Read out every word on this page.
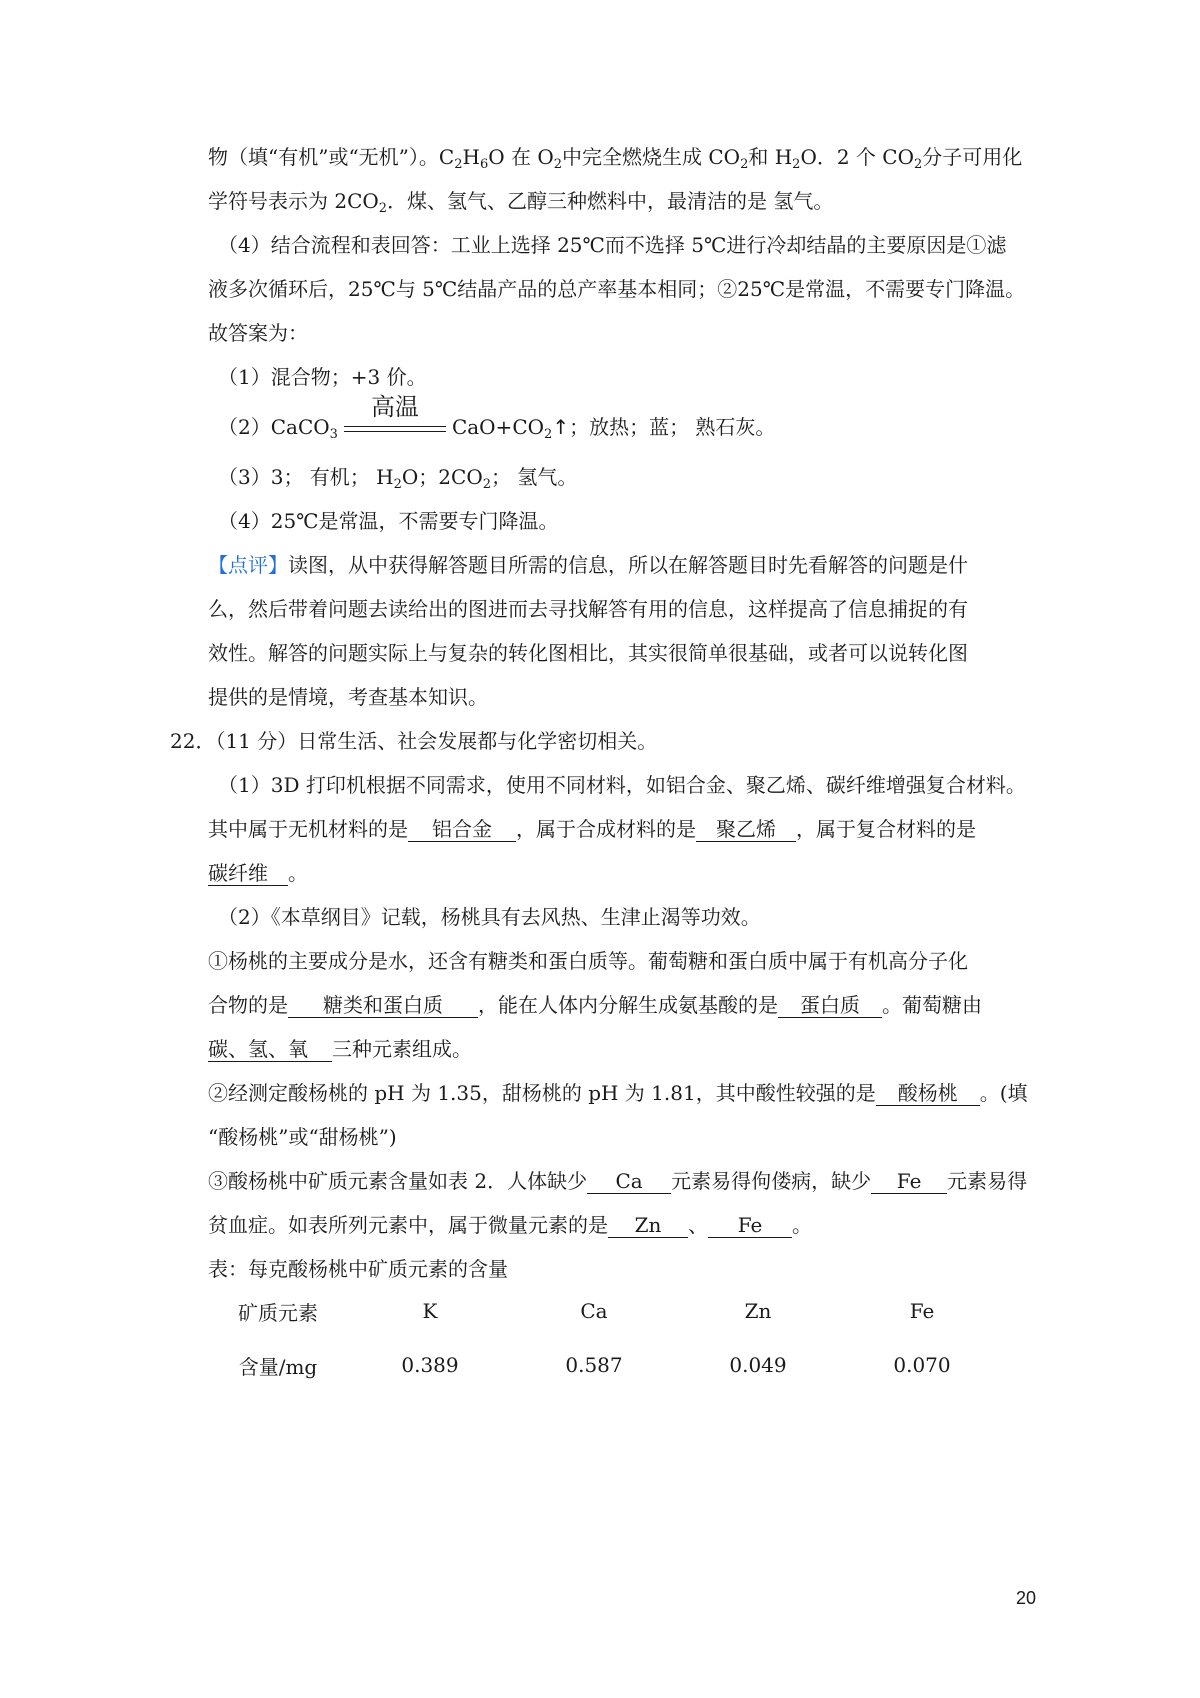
物（填“有机”或“无机”）。$C_2H_6O$ 在 $O_2$中完全燃烧生成 $CO_2$和 $H_2O$．2 个 $CO_2$分子可用化
学符号表示为 $2CO_2$．煤、氢气、乙醇三种燃料中，最清洁的是 氢气。
（4）结合流程和表回答：工业上选择 25℃而不选择 5℃进行冷却结晶的主要原因是①滤
液多次循环后，25℃与 5℃结晶产品的总产率基本相同；②25℃是常温，不需要专门降温。
故答案为：
（1）混合物；+3 价。
（2）CaCO$_3$
高温
$CaO+CO_2↑$；放热；蓝； 熟石灰。
（3）3； 有机； $H_2O$；$2CO_2$； 氢气。
（4）25℃是常温，不需要专门降温。
【点评】读图，从中获得解答题目所需的信息，所以在解答题目时先看解答的问题是什
么，然后带着问题去读给出的图进而去寻找解答有用的信息，这样提高了信息捕捉的有
效性。解答的问题实际上与复杂的转化图相比，其实很简单很基础，或者可以说转化图
提供的是情境，考查基本知识。
22．（11 分）日常生活、社会发展都与化学密切相关。
（1）3D 打印机根据不同需求，使用不同材料，如铝合金、聚乙烯、碳纤维增强复合材料。
其中属于无机材料的是 铝合金 ，属于合成材料的是 聚乙烯 ，属于复合材料的是
碳纤维 。
（2）《本草纲目》记载，杨桃具有去风热、生津止渴等功效。
①杨桃的主要成分是水，还含有糖类和蛋白质等。葡萄糖和蛋白质中属于有机高分子化
合物的是 糖类和蛋白质 ，能在人体内分解生成氨基酸的是 蛋白质 。葡萄糖由
碳、氢、氧 三种元素组成。
②经测定酸杨桃的 pH 为 1.35，甜杨桃的 pH 为 1.81，其中酸性较强的是 酸杨桃 。(填
“酸杨桃”或“甜杨桃”)
③酸杨桃中矿质元素含量如表 2．人体缺少 Ca 元素易得佝偻病，缺少 Fe 元素易得
贫血症。如表所列元素中，属于微量元素的是 Zn 、 Fe 。
表：每克酸杨桃中矿质元素的含量
矿质元素	K	Ca	Zn	Fe
含量/mg	0.389	0.587	0.049	0.070
20
